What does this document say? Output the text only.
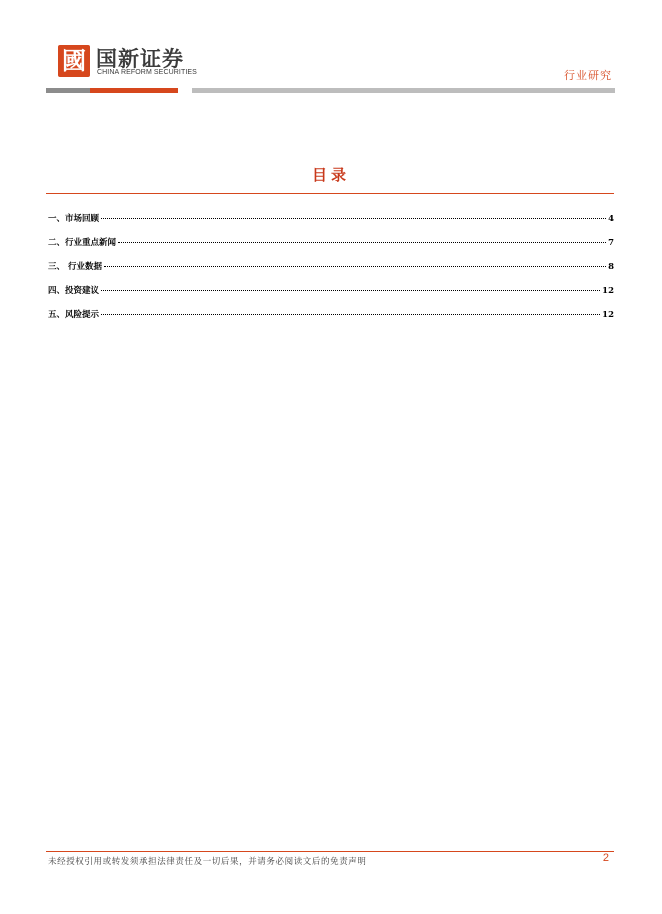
國 国新证券
CHINA REFORM SECURITIES	行业研究
目录
一、市场回顾	4
二、行业重点新闻	7
三、 行业数据	8
四、投资建议	12
五、风险提示	12
未经授权引用或转发须承担法律责任及一切后果，并请务必阅读文后的免责声明	2
